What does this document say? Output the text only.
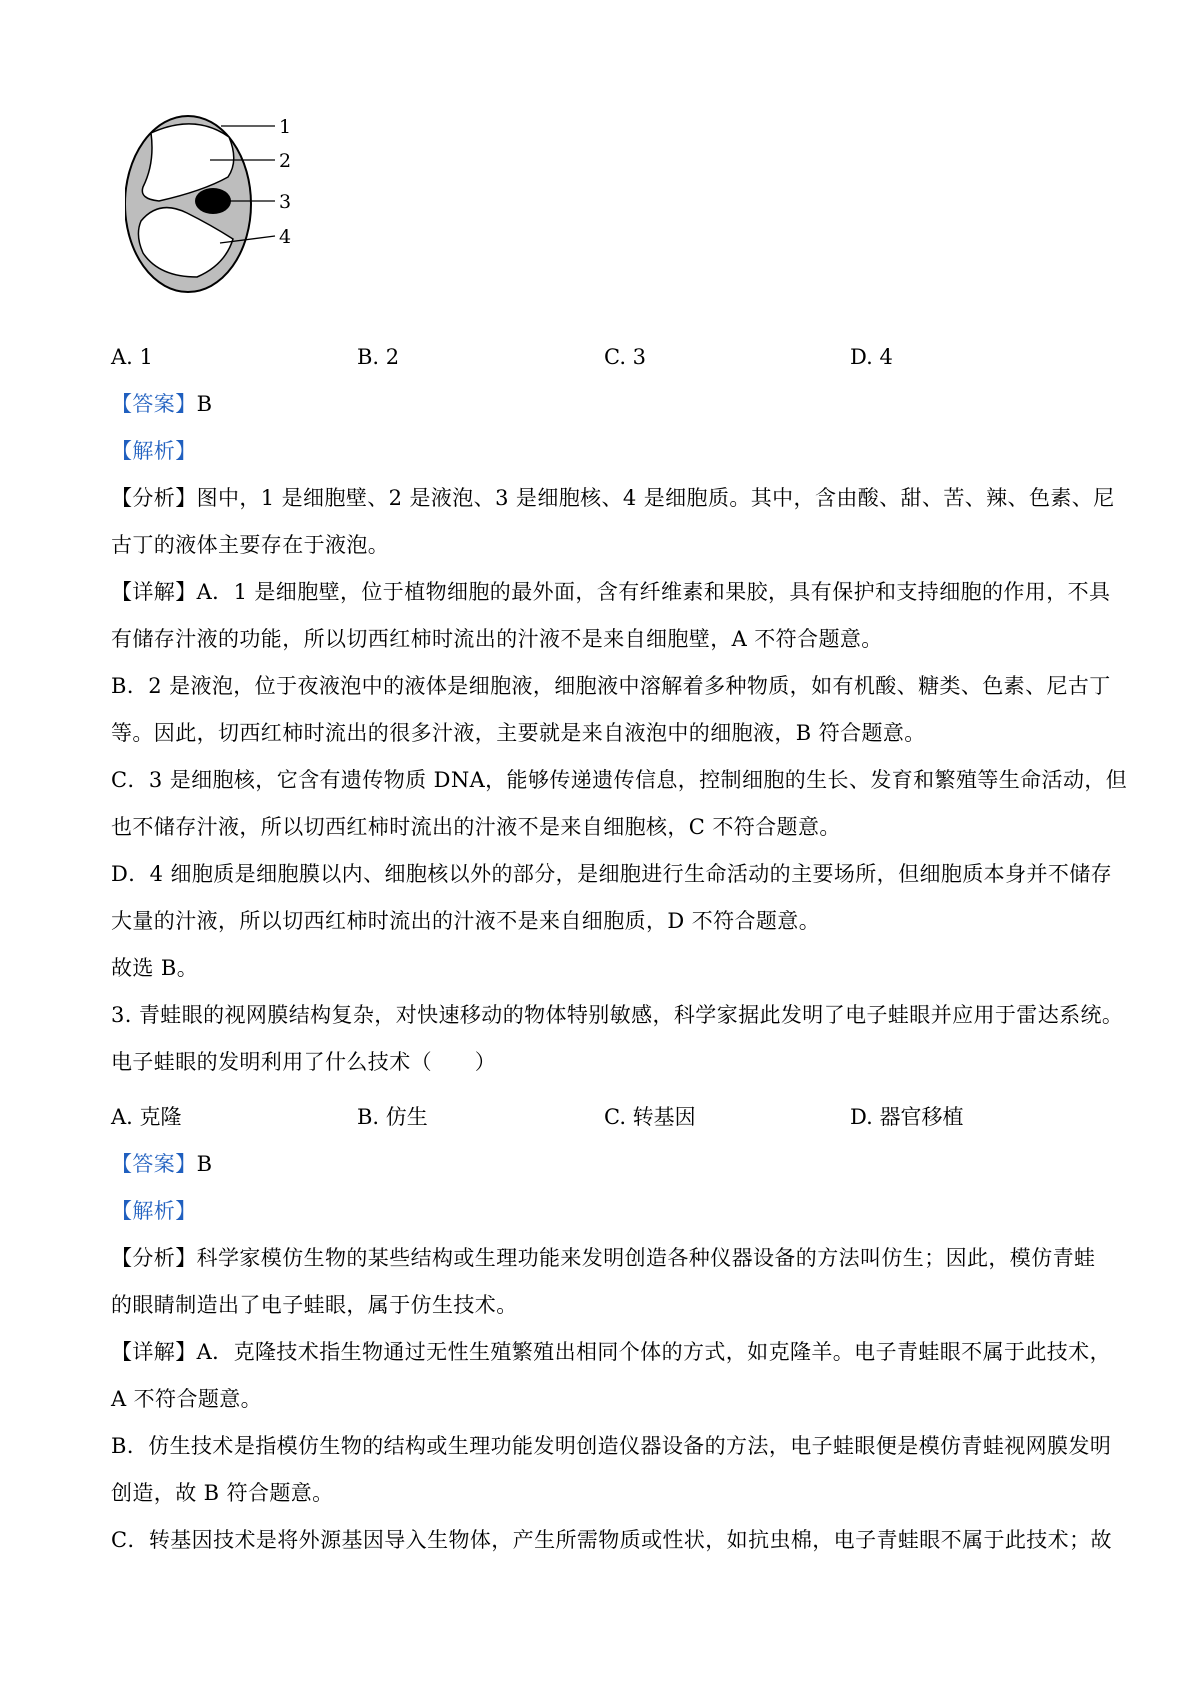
1
2
3
4
A. 1	B. 2	C. 3	D. 4
【答案】B
【解析】
【分析】图中，1 是细胞壁、2 是液泡、3 是细胞核、4 是细胞质。其中，含由酸、甜、苦、辣、色素、尼
古丁的液体主要存在于液泡。
【详解】A．1 是细胞壁，位于植物细胞的最外面，含有纤维素和果胶，具有保护和支持细胞的作用，不具
有储存汁液的功能，所以切西红柿时流出的汁液不是来自细胞壁，A 不符合题意。
B．2 是液泡，位于夜液泡中的液体是细胞液，细胞液中溶解着多种物质，如有机酸、糖类、色素、尼古丁
等。因此，切西红柿时流出的很多汁液，主要就是来自液泡中的细胞液，B 符合题意。
C．3 是细胞核，它含有遗传物质 DNA，能够传递遗传信息，控制细胞的生长、发育和繁殖等生命活动，但
也不储存汁液，所以切西红柿时流出的汁液不是来自细胞核，C 不符合题意。
D．4 细胞质是细胞膜以内、细胞核以外的部分，是细胞进行生命活动的主要场所，但细胞质本身并不储存
大量的汁液，所以切西红柿时流出的汁液不是来自细胞质，D 不符合题意。
故选 B。
3. 青蛙眼的视网膜结构复杂，对快速移动的物体特别敏感，科学家据此发明了电子蛙眼并应用于雷达系统。
电子蛙眼的发明利用了什么技术（　　）
A. 克隆	B. 仿生	C. 转基因	D. 器官移植
【答案】B
【解析】
【分析】科学家模仿生物的某些结构或生理功能来发明创造各种仪器设备的方法叫仿生；因此，模仿青蛙
的眼睛制造出了电子蛙眼，属于仿生技术。
【详解】A．克隆技术指生物通过无性生殖繁殖出相同个体的方式，如克隆羊。电子青蛙眼不属于此技术，
A 不符合题意。
B．仿生技术是指模仿生物的结构或生理功能发明创造仪器设备的方法，电子蛙眼便是模仿青蛙视网膜发明
创造，故 B 符合题意。
C．转基因技术是将外源基因导入生物体，产生所需物质或性状，如抗虫棉，电子青蛙眼不属于此技术；故
